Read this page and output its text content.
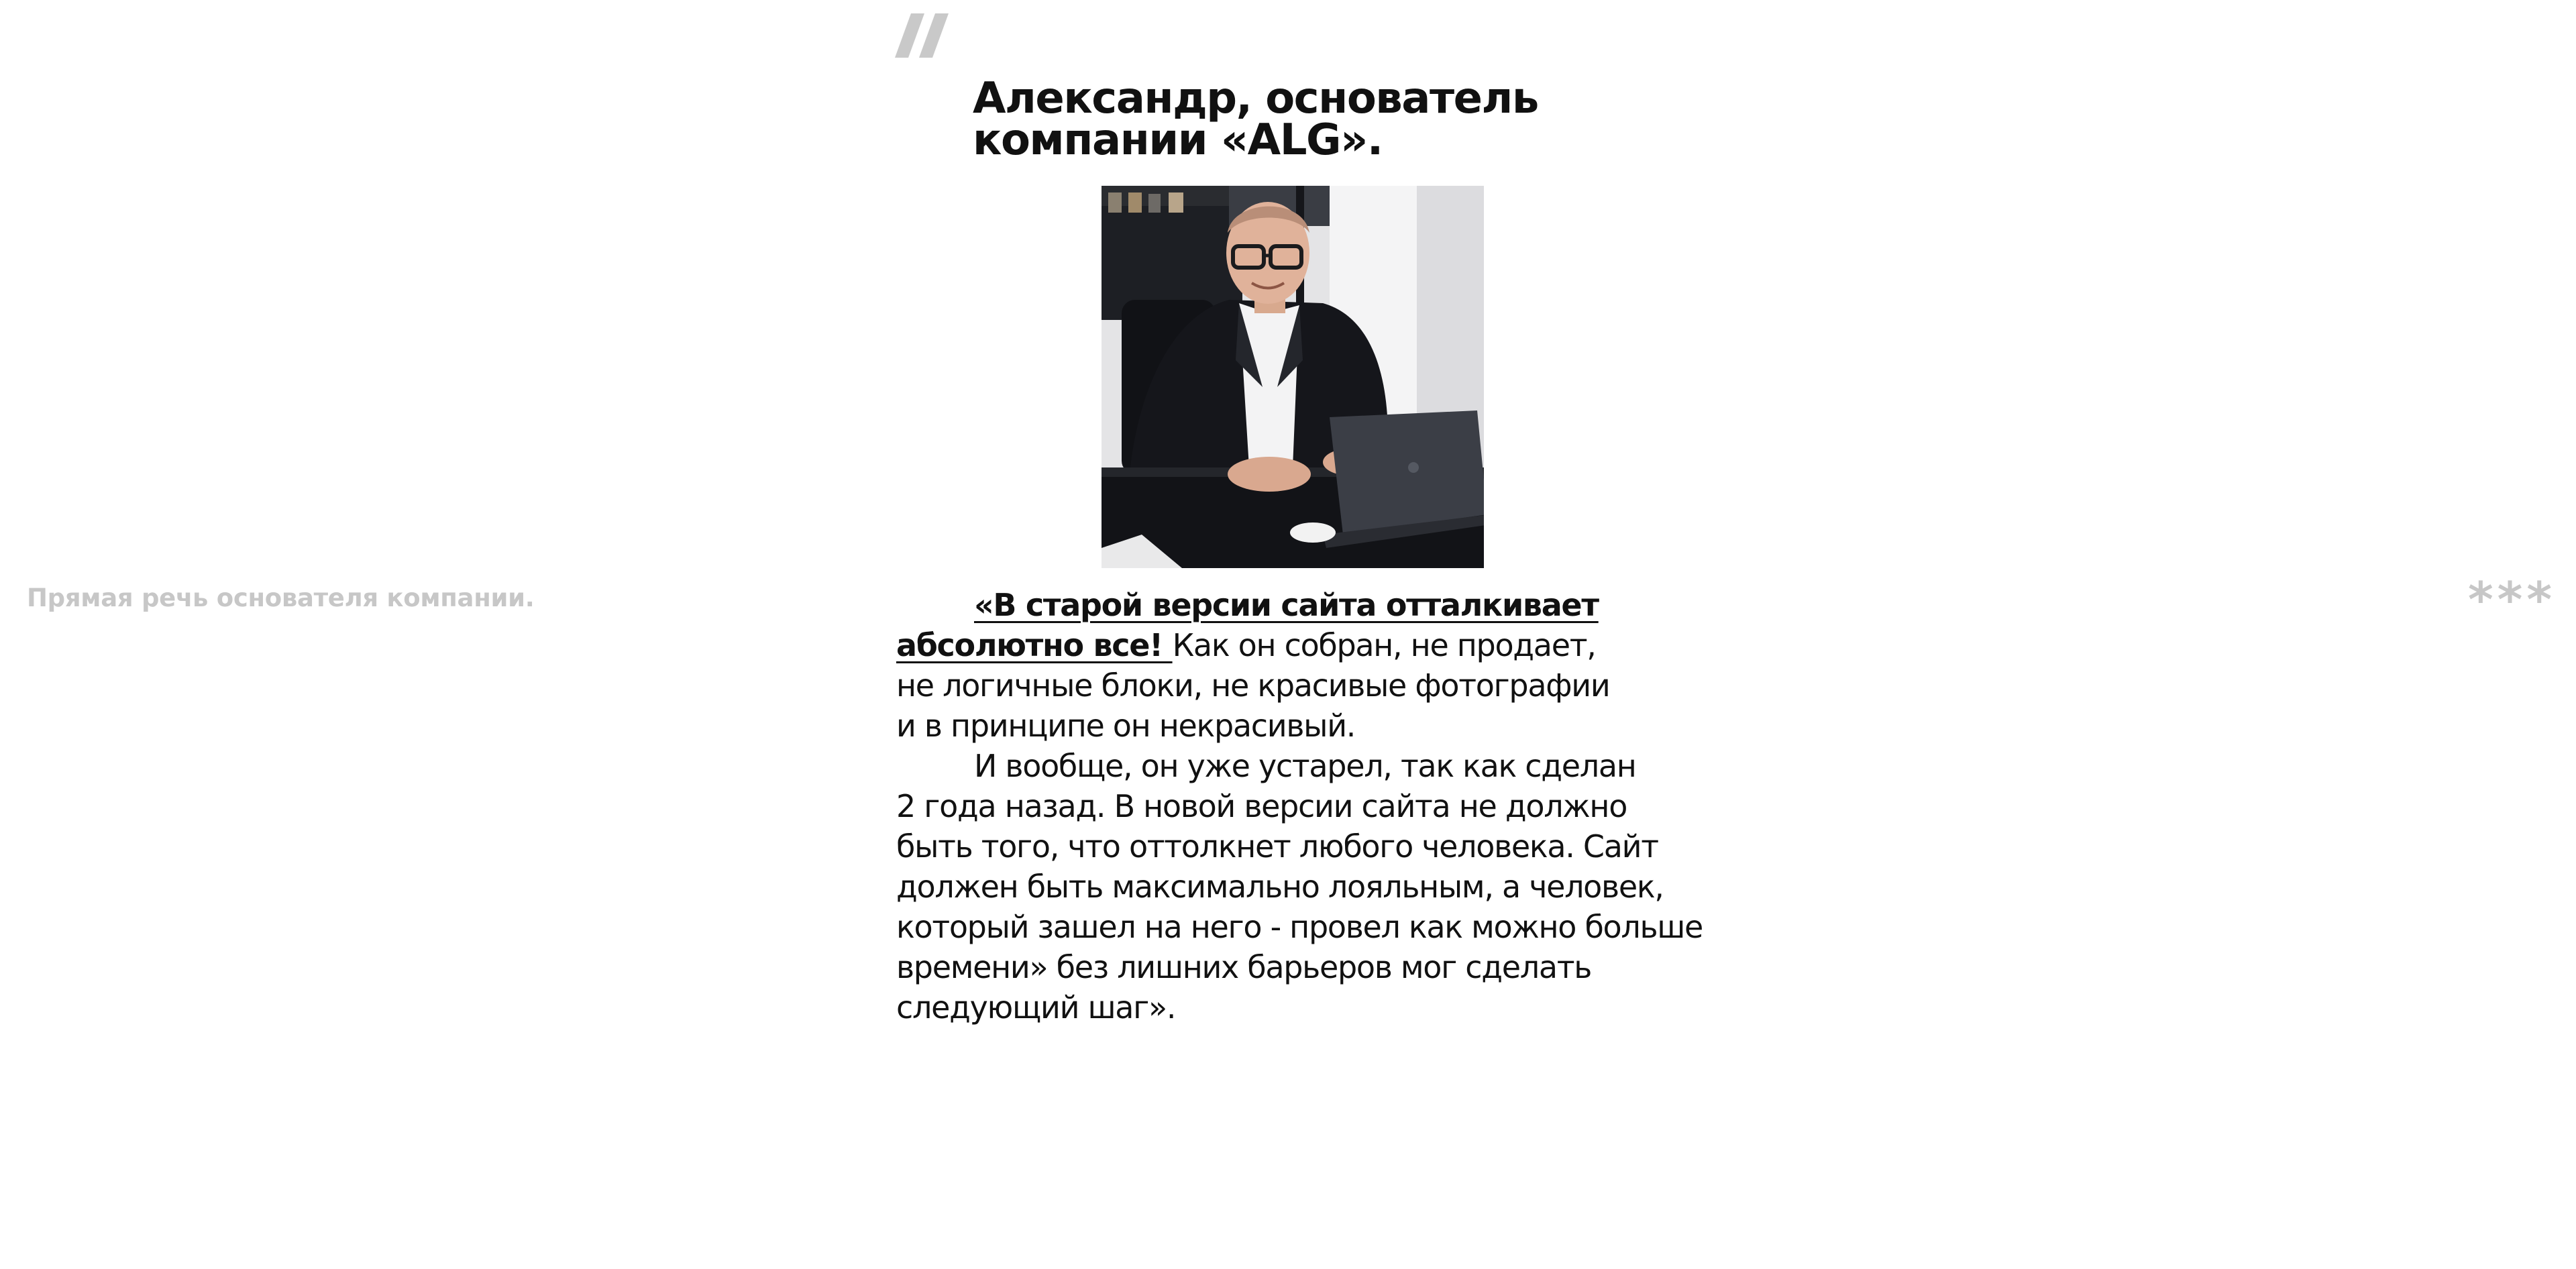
Прямая речь основателя компании.	***
Александр, основатель
компании «ALG».

«В старой версии сайта отталкивает
абсолютно все! Как он собран, не продает,
не логичные блоки, не красивые фотографии
и в принципе он некрасивый.

И вообще, он уже устарел, так как сделан
2 года назад. В новой версии сайта не должно
быть того, что оттолкнет любого человека. Сайт
должен быть максимально лояльным, а человек,
который зашел на него - провел как можно больше
времени» без лишних барьеров мог сделать
следующий шаг».
